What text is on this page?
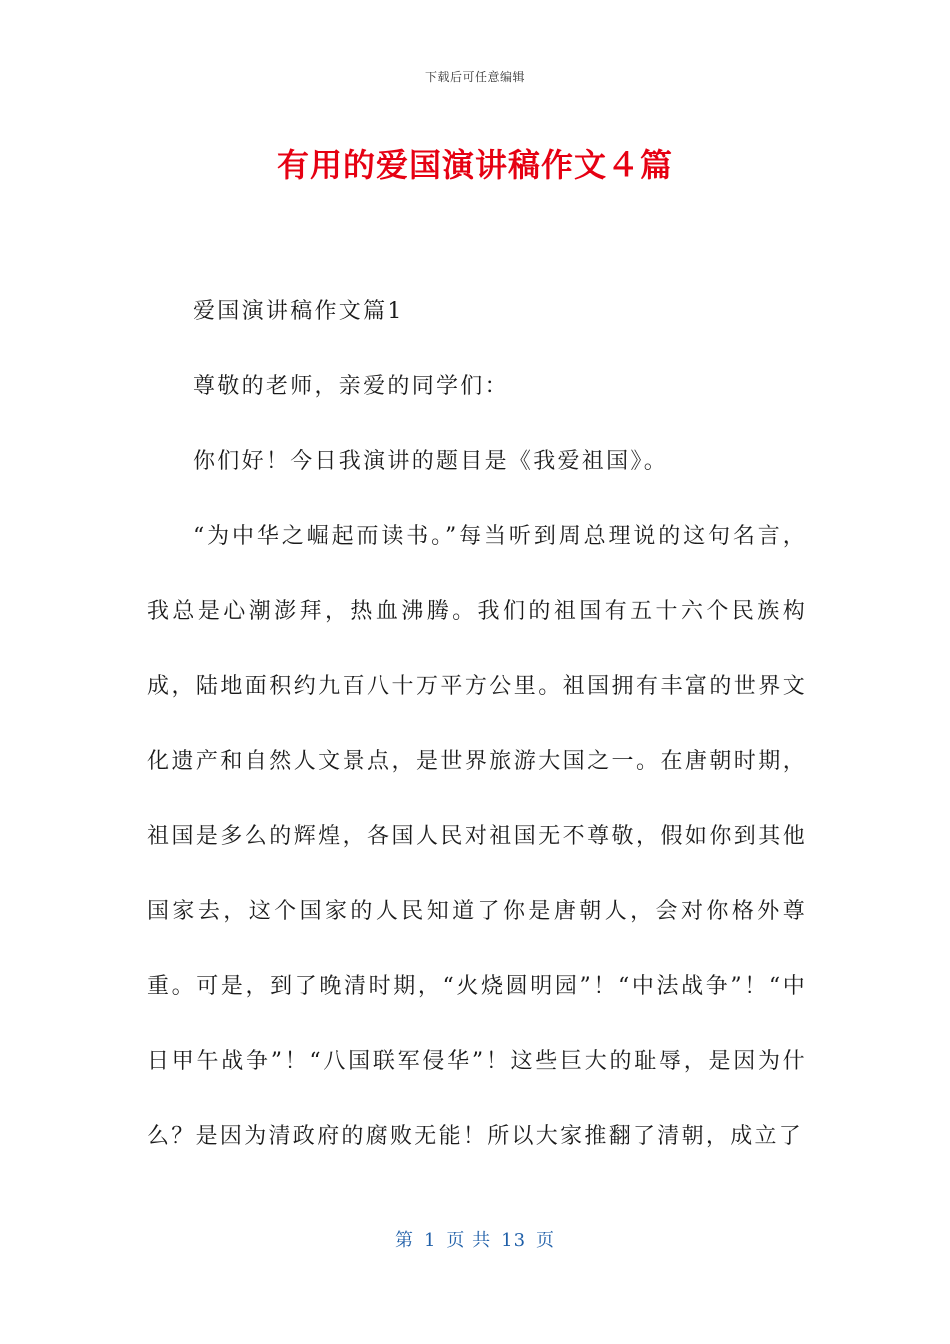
下载后可任意编辑
有用的爱国演讲稿作文４篇

爱国演讲稿作文篇1

尊敬的老师，亲爱的同学们：

你们好！今日我演讲的题目是《我爱祖国》。

“为中华之崛起而读书。”每当听到周总理说的这句名言，我总是心潮澎拜，热血沸腾。我们的祖国有五十六个民族构成，陆地面积约九百八十万平方公里。祖国拥有丰富的世界文化遗产和自然人文景点，是世界旅游大国之一。在唐朝时期，祖国是多么的辉煌，各国人民对祖国无不尊敬，假如你到其他国家去，这个国家的人民知道了你是唐朝人，会对你格外尊重。可是，到了晚清时期，“火烧圆明园”！“中法战争”！“中日甲午战争”！“八国联军侵华”！这些巨大的耻辱，是因为什么？是因为清政府的腐败无能！所以大家推翻了清朝，成立了

第 1 页 共 13 页
